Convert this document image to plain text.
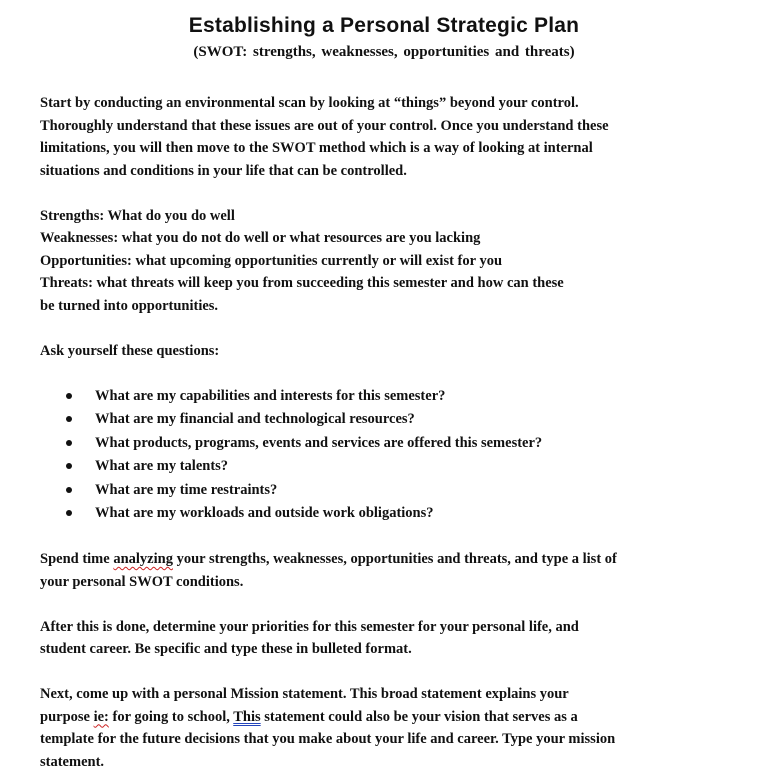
Establishing a Personal Strategic Plan
(SWOT: strengths, weaknesses, opportunities and threats)
Start by conducting an environmental scan by looking at “things” beyond your control.
Thoroughly understand that these issues are out of your control. Once you understand these
limitations, you will then move to the SWOT method which is a way of looking at internal
situations and conditions in your life that can be controlled.
Strengths: What do you do well
Weaknesses: what you do not do well or what resources are you lacking
Opportunities: what upcoming opportunities currently or will exist for you
Threats: what threats will keep you from succeeding this semester and how can these
be turned into opportunities.
Ask yourself these questions:
What are my capabilities and interests for this semester?
What are my financial and technological resources?
What products, programs, events and services are offered this semester?
What are my talents?
What are my time restraints?
What are my workloads and outside work obligations?
Spend time analyzing your strengths, weaknesses, opportunities and threats, and type a list of
your personal SWOT conditions.
After this is done, determine your priorities for this semester for your personal life, and
student career. Be specific and type these in bulleted format.
Next, come up with a personal Mission statement. This broad statement explains your
purpose ie: for going to school, This statement could also be your vision that serves as a
template for the future decisions that you make about your life and career. Type your mission
statement.
